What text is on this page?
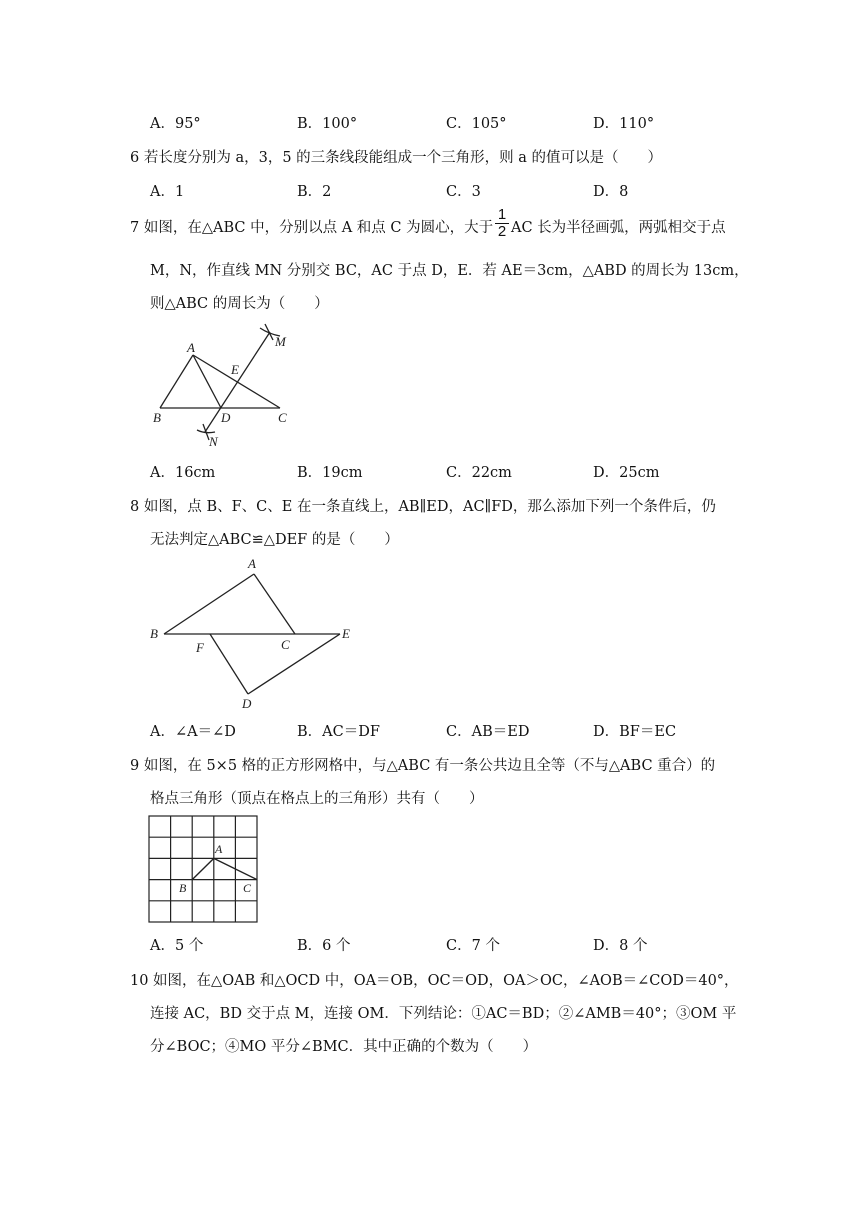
A．95°	B．100°	C．105°	D．110°
6 若长度分别为 a，3，5 的三条线段能组成一个三角形，则 a 的值可以是（　　）
A．1	B．2	C．3	D．8
7 如图，在△ABC 中，分别以点 A 和点 C 为圆心，大于
1
2 AC 长为半径画弧，两弧相交于点
M，N，作直线 MN 分别交 BC，AC 于点 D，E．若 AE＝3cm，△ABD 的周长为 13cm，
则△ABC 的周长为（　　）
A
B	C
D
E
M
N
A．16cm	B．19cm	C．22cm	D．25cm
8 如图，点 B、F、C、E 在一条直线上，AB∥ED，AC∥FD，那么添加下列一个条件后，仍
无法判定△ABC≌△DEF 的是（　　）
A
B
C
D
E
F
A．∠A＝∠D	B．AC＝DF	C．AB＝ED	D．BF＝EC
9 如图，在 5×5 格的正方形网格中，与△ABC 有一条公共边且全等（不与△ABC 重合）的
格点三角形（顶点在格点上的三角形）共有（　　）
A
B	C
A．5 个	B．6 个	C．7 个	D．8 个
10 如图，在△OAB 和△OCD 中，OA＝OB，OC＝OD，OA＞OC，∠AOB＝∠COD＝40°，
连接 AC，BD 交于点 M，连接 OM．下列结论：①AC＝BD；②∠AMB＝40°；③OM 平
分∠BOC；④MO 平分∠BMC．其中正确的个数为（　　）
